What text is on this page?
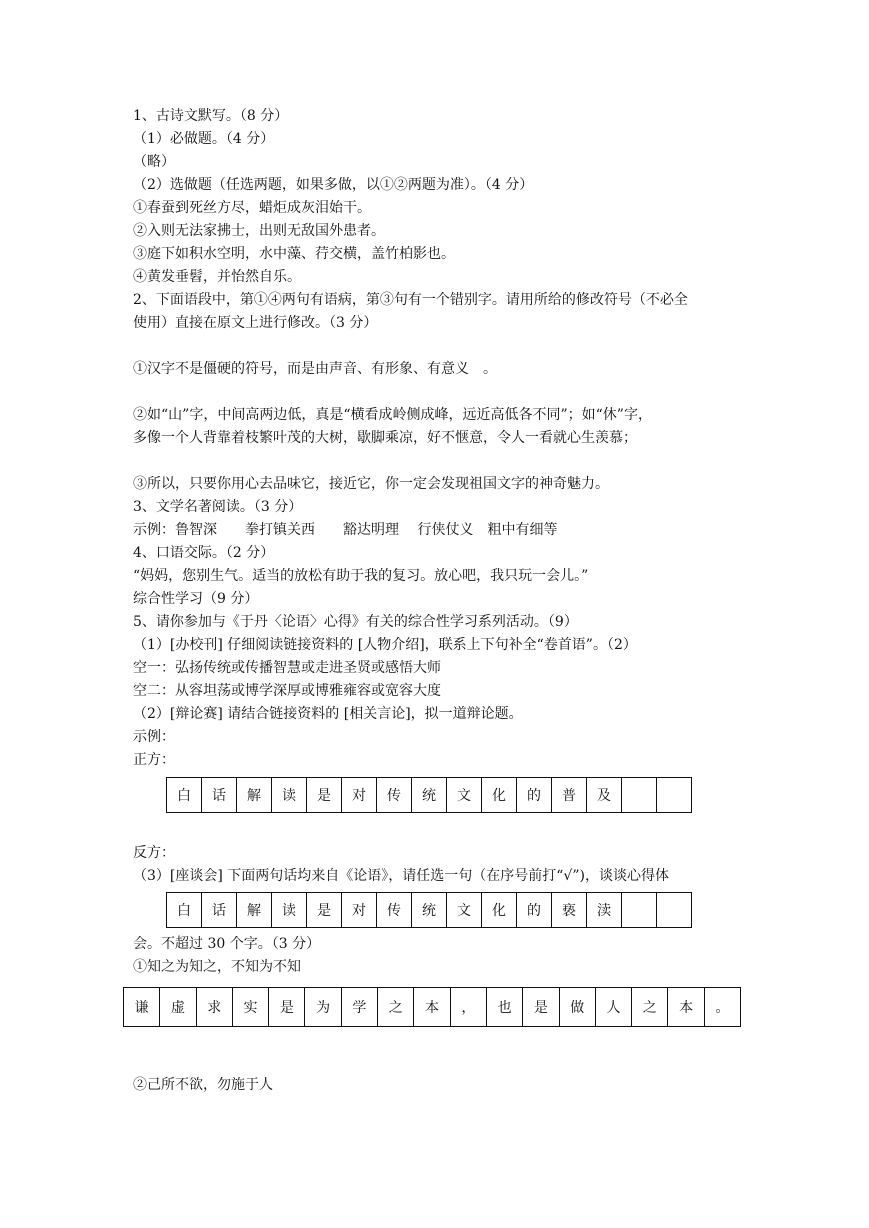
1、古诗文默写。（8 分）
（1）必做题。（4 分）
（略）
（2）选做题（任选两题，如果多做，以①②两题为准）。（4 分）
①春蚕到死丝方尽，蜡炬成灰泪始干。
②入则无法家拂士，出则无敌国外患者。
③庭下如积水空明，水中藻、荇交横，盖竹柏影也。
④黄发垂髫，并怡然自乐。
2、下面语段中，第①④两句有语病，第③句有一个错别字。请用所给的修改符号（不必全
使用）直接在原文上进行修改。（3 分）
①汉字不是僵硬的符号，而是由声音、有形象、有意义　。
②如“山”字，中间高两边低，真是“横看成岭侧成峰，远近高低各不同”；如“休”字，
多像一个人背靠着枝繁叶茂的大树，歇脚乘凉，好不惬意，令人一看就心生羡慕；
③所以，只要你用心去品味它，接近它，你一定会发现祖国文字的神奇魅力。
3、文学名著阅读。（3 分）
示例：鲁智深　　拳打镇关西　　豁达明理　 行侠仗义　粗中有细等
4、口语交际。（2 分）
“妈妈，您别生气。适当的放松有助于我的复习。放心吧，我只玩一会儿。”
综合性学习（9 分）
5、请你参加与《于丹〈论语〉心得》有关的综合性学习系列活动。（9）
（1）[办校刊] 仔细阅读链接资料的 [人物介绍]，联系上下句补全“卷首语”。（2）
空一：弘扬传统或传播智慧或走进圣贤或感悟大师
空二：从容坦荡或博学深厚或博雅雍容或宽容大度
（2）[辩论赛] 请结合链接资料的 [相关言论]，拟一道辩论题。
示例：
正方：
白	话	解	读	是	对	传	统	文	化	的	普	及		
反方：
（3）[座谈会] 下面两句话均来自《论语》，请任选一句（在序号前打“√”)，谈谈心得体
白	话	解	读	是	对	传	统	文	化	的	亵	渎		
会。不超过 30 个字。（3 分）
①知之为知之，不知为不知
谦	虚	求	实	是	为	学	之	本	，	也	是	做	人	之	本	。
②己所不欲，勿施于人
